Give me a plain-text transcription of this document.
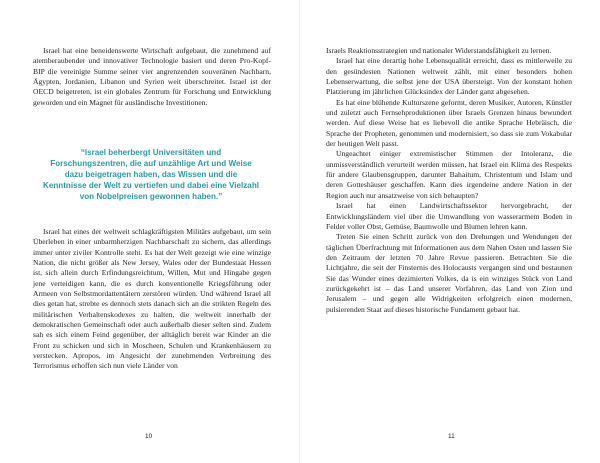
Israel hat eine beneidenswerte Wirtschaft aufgebaut, die zunehmend auf atemberaubender und innovativer Technologie basiert und deren Pro-Kopf-BIP die vereinigte Summe seiner vier angrenzenden souveränen Nachbarn, Ägypten, Jordanien, Libanon und Syrien weit überschreitet. Israel ist der OECD beigetreten, ist ein globales Zentrum für Forschung und Entwicklung geworden und ein Magnet für ausländische Investitionen.

“Israel beherbergt Universitäten und Forschungszentren, die auf unzählige Art und Weise dazu beigetragen haben, das Wissen und die Kenntnisse der Welt zu vertiefen und dabei eine Vielzahl von Nobelpreisen gewonnen haben.”

Israel hat eines der weltweit schlagkräftigsten Militärs aufgebaut, um sein Überleben in einer unbarmherzigen Nachbarschaft zu sichern, das allerdings immer unter ziviler Kontrolle steht. Es hat der Welt gezeigt wie eine winzige Nation, die nicht größer als New Jersey, Wales oder der Bundestaat Hessen ist, sich allein durch Erfindungsreichtum, Willen, Mut und Hingabe gegen jene verteidigen kann, die es durch konventionelle Kriegsführung oder Armeen von Selbstmordattentätern zerstören würden. Und während Israel all dies getan hat, strebte es dennoch stets danach sich an die strikten Regeln des militärischen Verhaltenskodexes zu halten, die weltweit innerhalb der demokratischen Gemeinschaft oder auch außerhalb dieser selten sind. Zudem sah es sich einem Feind gegenüber, der alltäglich bereit war Kinder an die Front zu schicken und sich in Moscheen, Schulen und Krankenhäusern zu verstecken. Apropos, im Angesicht der zunehmenden Verbreitung des Terrorismus erhoffen sich nun viele Länder von

10

Israels Reaktionsstrategien und nationaler Widerstandsfähigkeit zu lernen.

Israel hat eine derartig hohe Lebensqualität erreicht, dass es mittlerweile zu den gesündesten Nationen weltweit zählt, mit einer besonders hohen Lebenserwartung, die selbst jene der USA übersteigt. Von der konstant hohen Platzierung im jährlichen Glücksindex der Länder ganz abgesehen.

Es hat eine blühende Kulturszene geformt, deren Musiker, Autoren, Künstler und zuletzt auch Fernsehproduktionen über Israels Grenzen hinaus bewundert werden. Auf diese Weise hat es liebevoll die antike Sprache Hebräisch, die Sprache der Propheten, genommen und modernisiert, so dass sie zum Vokabular der heutigen Welt passt.

Ungeachtet einiger extremistischer Stimmen der Intoleranz, die unmissverständlich verurteilt werden müssen, hat Israel ein Klima des Respekts für andere Glaubensgruppen, darunter Bahaitum, Christentum und Islam und deren Gotteshäuser geschaffen. Kann dies irgendeine andere Nation in der Region auch nur ansatzweise von sich behaupten?

Israel hat einen Landwirtschaftssektor hervorgebracht, der Entwicklungsländern viel über die Umwandlung von wasserarmem Boden in Felder voller Obst, Gemüse, Baumwolle und Blumen lehren kann.

Treten Sie einen Schritt zurück von den Drehungen und Wendungen der täglichen Überfrachtung mit Informationen aus dem Nahen Osten und lassen Sie den Zeitraum der letzten 70 Jahre Revue passieren. Betrachten Sie die Lichtjahre, die seit der Finsternis des Holocausts vergangen sind und bestaunen Sie das Wunder eines dezimierten Volkes, da is ein winziges Stück von Land zurückgekehrt ist – das Land unserer Vorfahren, das Land von Zion und Jerusalem – und gegen alle Widrigkeiten erfolgreich einen modernen, pulsierenden Staat auf dieses historische Fundament gebaut hat.

11
